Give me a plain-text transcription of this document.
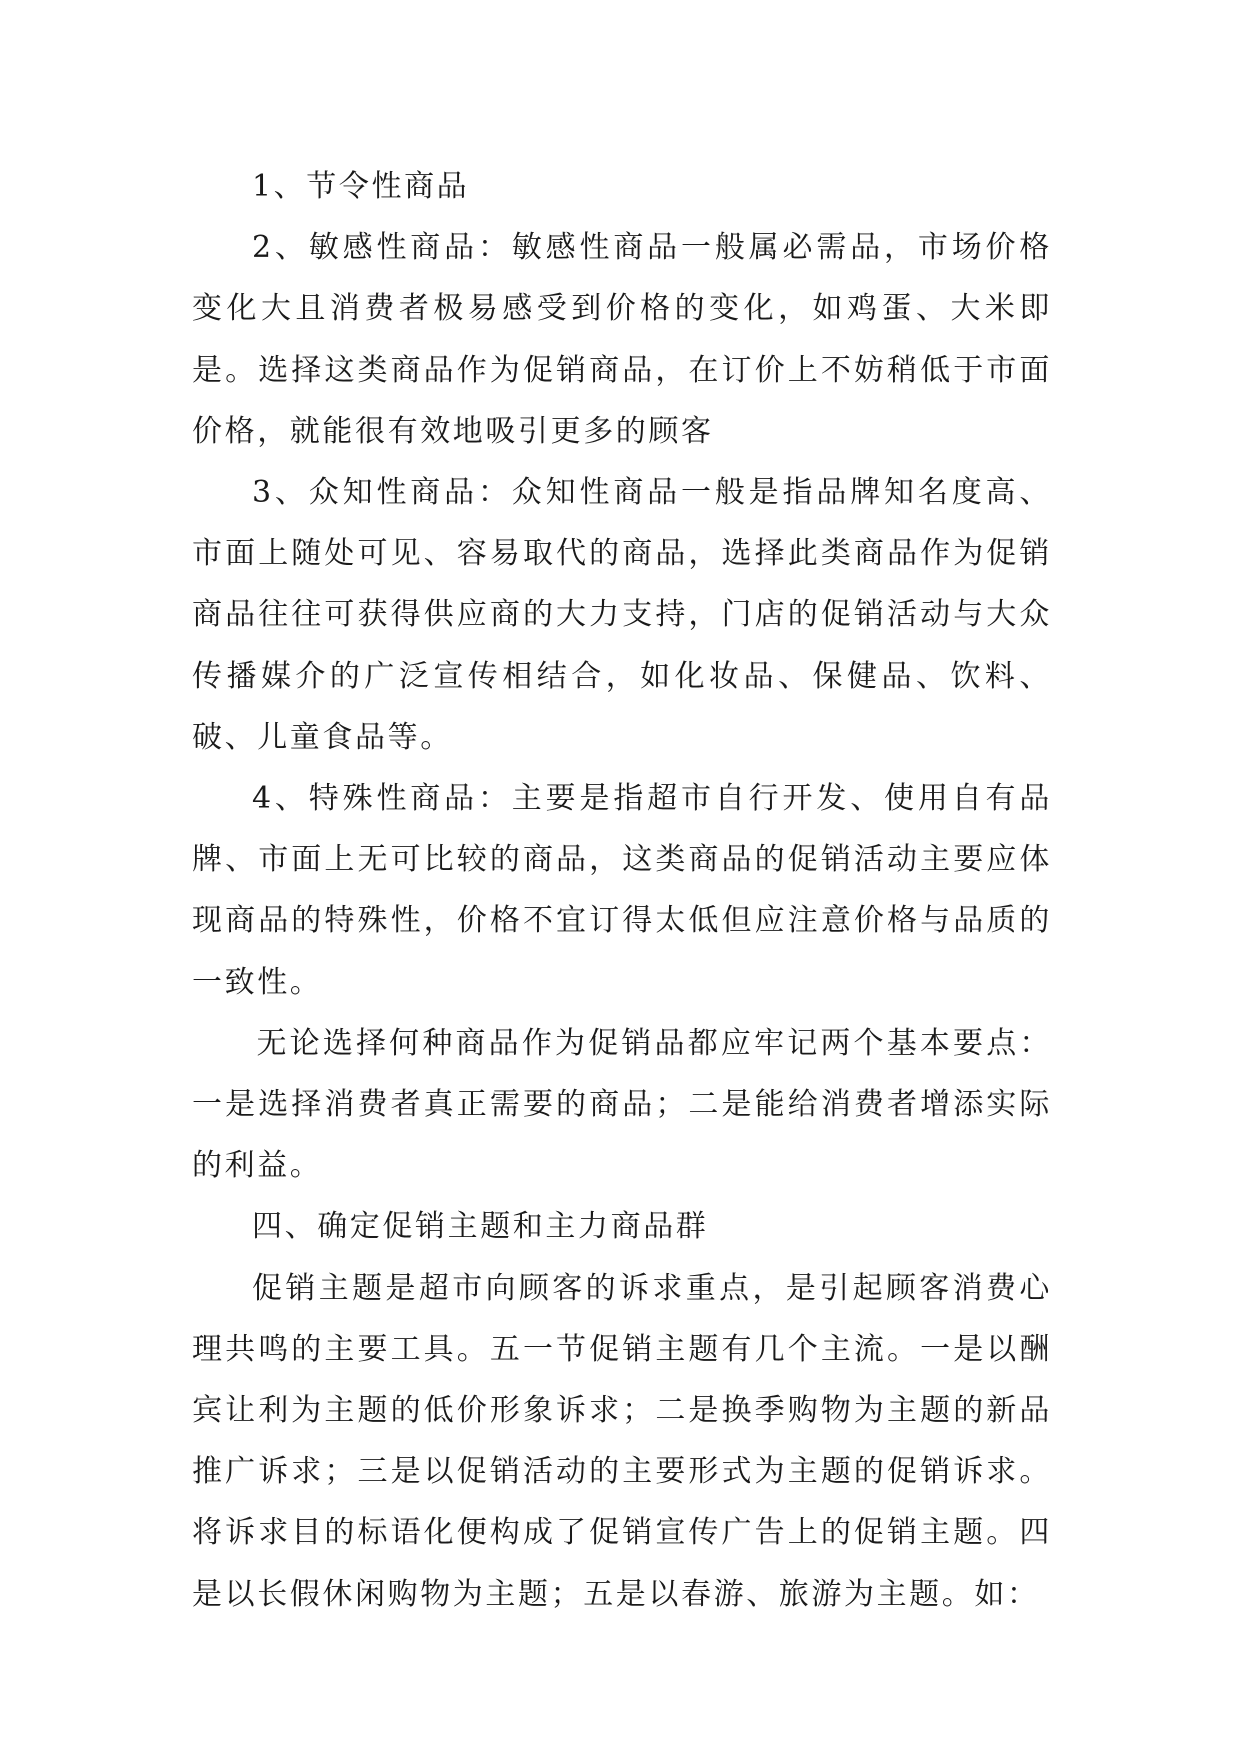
1、节令性商品

2、敏感性商品：敏感性商品一般属必需品，市场价格变化大且消费者极易感受到价格的变化，如鸡蛋、大米即是。选择这类商品作为促销商品，在订价上不妨稍低于市面价格，就能很有效地吸引更多的顾客

3、众知性商品：众知性商品一般是指品牌知名度高、市面上随处可见、容易取代的商品，选择此类商品作为促销商品往往可获得供应商的大力支持，门店的促销活动与大众传播媒介的广泛宣传相结合，如化妆品、保健品、饮料、破、儿童食品等。

4、特殊性商品：主要是指超市自行开发、使用自有品牌、市面上无可比较的商品，这类商品的促销活动主要应体现商品的特殊性，价格不宜订得太低但应注意价格与品质的一致性。

无论选择何种商品作为促销品都应牢记两个基本要点：一是选择消费者真正需要的商品；二是能给消费者增添实际的利益。

四、确定促销主题和主力商品群

促销主题是超市向顾客的诉求重点，是引起顾客消费心理共鸣的主要工具。五一节促销主题有几个主流。一是以酬宾让利为主题的低价形象诉求；二是换季购物为主题的新品推广诉求；三是以促销活动的主要形式为主题的促销诉求。将诉求目的标语化便构成了促销宣传广告上的促销主题。四是以长假休闲购物为主题；五是以春游、旅游为主题。如：
